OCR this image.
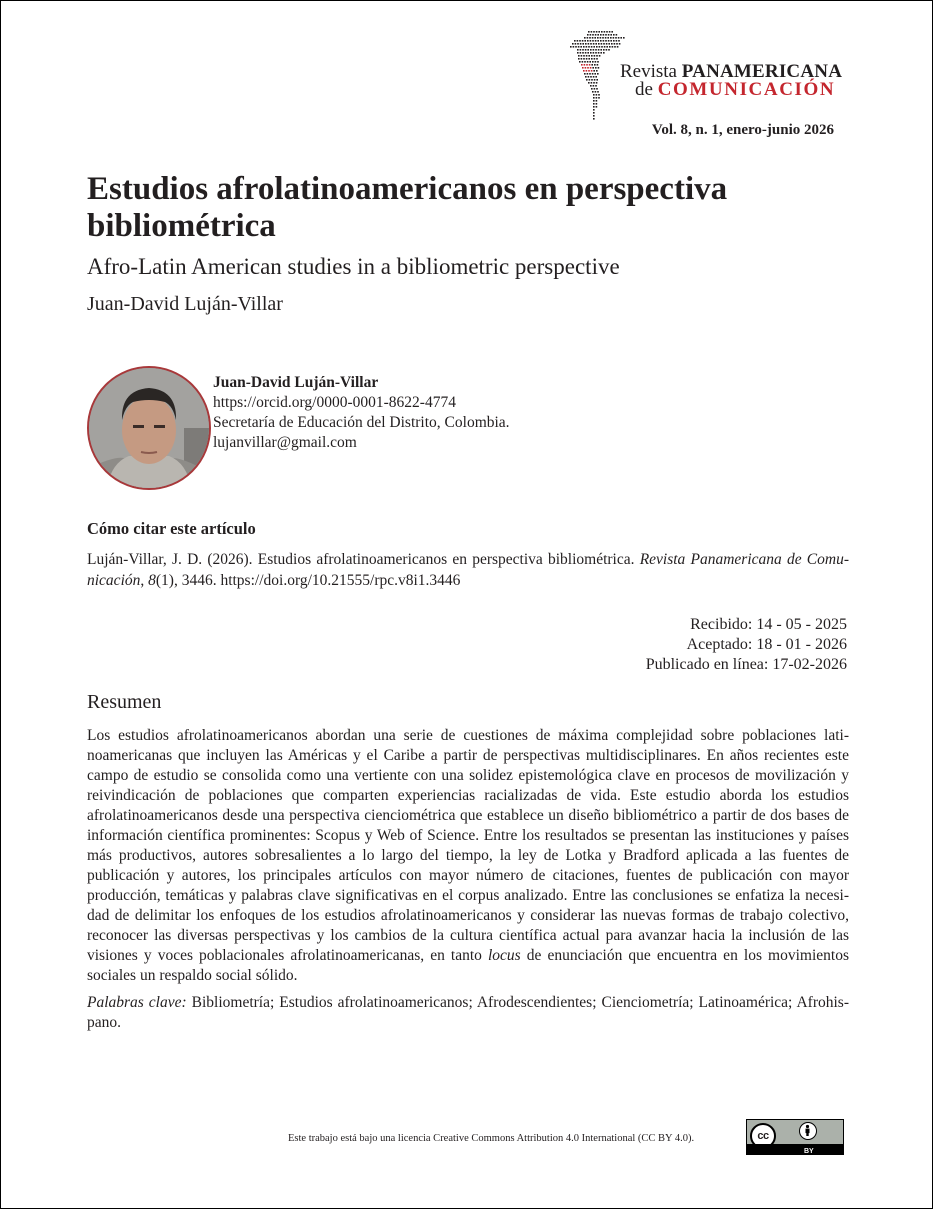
Revista PANAMERICANA
de COMUNICACIÓN
Vol. 8, n. 1, enero-junio 2026
Estudios afrolatinoamericanos en perspectiva bibliométrica
Afro-Latin American studies in a bibliometric perspective
Juan-David Luján-Villar
Juan-David Luján-Villar
https://orcid.org/0000-0001-8622-4774
Secretaría de Educación del Distrito, Colombia.
lujanvillar@gmail.com
Cómo citar este artículo
Luján-Villar, J. D. (2026). Estudios afrolatinoamericanos en perspectiva bibliométrica. Revista Panamericana de Comu-nicación, 8(1), 3446. https://doi.org/10.21555/rpc.v8i1.3446
Recibido: 14 - 05 - 2025
Aceptado: 18 - 01 - 2026
Publicado en línea: 17-02-2026
Resumen

Los estudios afrolatinoamericanos abordan una serie de cuestiones de máxima complejidad sobre poblaciones lati-noamericanas que incluyen las Américas y el Caribe a partir de perspectivas multidisciplinares. En años recientes este campo de estudio se consolida como una vertiente con una solidez epistemológica clave en procesos de movilización y reivindicación de poblaciones que comparten experiencias racializadas de vida. Este estudio aborda los estudios afrolatinoamericanos desde una perspectiva cienciométrica que establece un diseño bibliométrico a partir de dos bases de información científica prominentes: Scopus y Web of Science. Entre los resultados se presentan las instituciones y países más productivos, autores sobresalientes a lo largo del tiempo, la ley de Lotka y Bradford aplicada a las fuentes de publicación y autores, los principales artículos con mayor número de citaciones, fuentes de publicación con mayor producción, temáticas y palabras clave significativas en el corpus analizado. Entre las conclusiones se enfatiza la necesi-dad de delimitar los enfoques de los estudios afrolatinoamericanos y considerar las nuevas formas de trabajo colectivo, reconocer las diversas perspectivas y los cambios de la cultura científica actual para avanzar hacia la inclusión de las visiones y voces poblacionales afrolatinoamericanas, en tanto locus de enunciación que encuentra en los movimientos sociales un respaldo social sólido.

Palabras clave: Bibliometría; Estudios afrolatinoamericanos; Afrodescendientes; Cienciometría; Latinoamérica; Afrohis-pano.

Este trabajo está bajo una licencia Creative Commons Attribution 4.0 International (CC BY 4.0).	cc
BY
